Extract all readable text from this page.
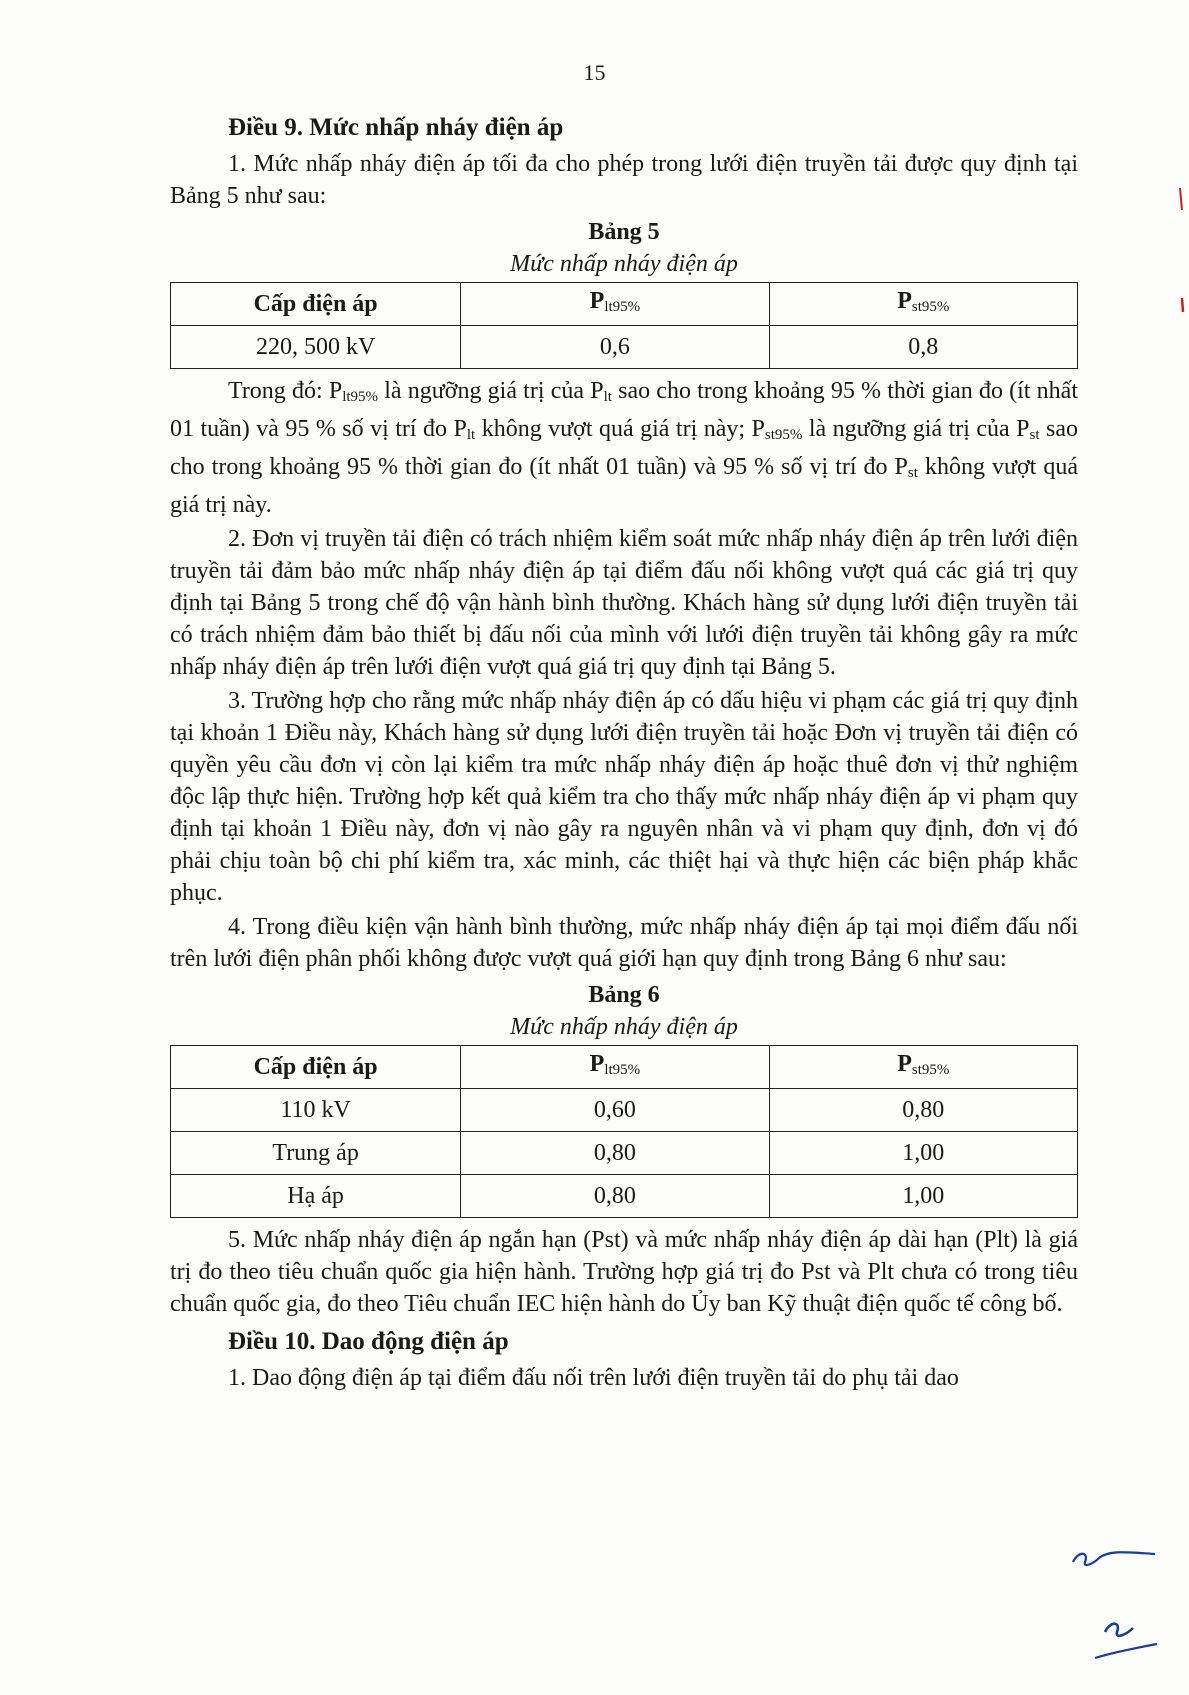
15
Điều 9. Mức nhấp nháy điện áp

1. Mức nhấp nháy điện áp tối đa cho phép trong lưới điện truyền tải được quy định tại Bảng 5 như sau:

Bảng 5
Mức nhấp nháy điện áp
Cấp điện áp	$P_{lt95\%}$	$P_{st95\%}$
220, 500 kV	0,6	0,8

Trong đó: $P_{lt95\%}$ là ngưỡng giá trị của $P_{lt}$ sao cho trong khoảng 95 % thời gian đo (ít nhất 01 tuần) và 95 % số vị trí đo $P_{lt}$ không vượt quá giá trị này; $P_{st95\%}$ là ngưỡng giá trị của $P_{st}$ sao cho trong khoảng 95 % thời gian đo (ít nhất 01 tuần) và 95 % số vị trí đo $P_{st}$ không vượt quá giá trị này.

2. Đơn vị truyền tải điện có trách nhiệm kiểm soát mức nhấp nháy điện áp trên lưới điện truyền tải đảm bảo mức nhấp nháy điện áp tại điểm đấu nối không vượt quá các giá trị quy định tại Bảng 5 trong chế độ vận hành bình thường. Khách hàng sử dụng lưới điện truyền tải có trách nhiệm đảm bảo thiết bị đấu nối của mình với lưới điện truyền tải không gây ra mức nhấp nháy điện áp trên lưới điện vượt quá giá trị quy định tại Bảng 5.

3. Trường hợp cho rằng mức nhấp nháy điện áp có dấu hiệu vi phạm các giá trị quy định tại khoản 1 Điều này, Khách hàng sử dụng lưới điện truyền tải hoặc Đơn vị truyền tải điện có quyền yêu cầu đơn vị còn lại kiểm tra mức nhấp nháy điện áp hoặc thuê đơn vị thử nghiệm độc lập thực hiện. Trường hợp kết quả kiểm tra cho thấy mức nhấp nháy điện áp vi phạm quy định tại khoản 1 Điều này, đơn vị nào gây ra nguyên nhân và vi phạm quy định, đơn vị đó phải chịu toàn bộ chi phí kiểm tra, xác minh, các thiệt hại và thực hiện các biện pháp khắc phục.

4. Trong điều kiện vận hành bình thường, mức nhấp nháy điện áp tại mọi điểm đấu nối trên lưới điện phân phối không được vượt quá giới hạn quy định trong Bảng 6 như sau:

Bảng 6
Mức nhấp nháy điện áp
Cấp điện áp	$P_{lt95\%}$	$P_{st95\%}$
110 kV	0,60	0,80
Trung áp	0,80	1,00
Hạ áp	0,80	1,00

5. Mức nhấp nháy điện áp ngắn hạn (Pst) và mức nhấp nháy điện áp dài hạn (Plt) là giá trị đo theo tiêu chuẩn quốc gia hiện hành. Trường hợp giá trị đo Pst và Plt chưa có trong tiêu chuẩn quốc gia, đo theo Tiêu chuẩn IEC hiện hành do Ủy ban Kỹ thuật điện quốc tế công bố.

Điều 10. Dao động điện áp

1. Dao động điện áp tại điểm đấu nối trên lưới điện truyền tải do phụ tải dao
